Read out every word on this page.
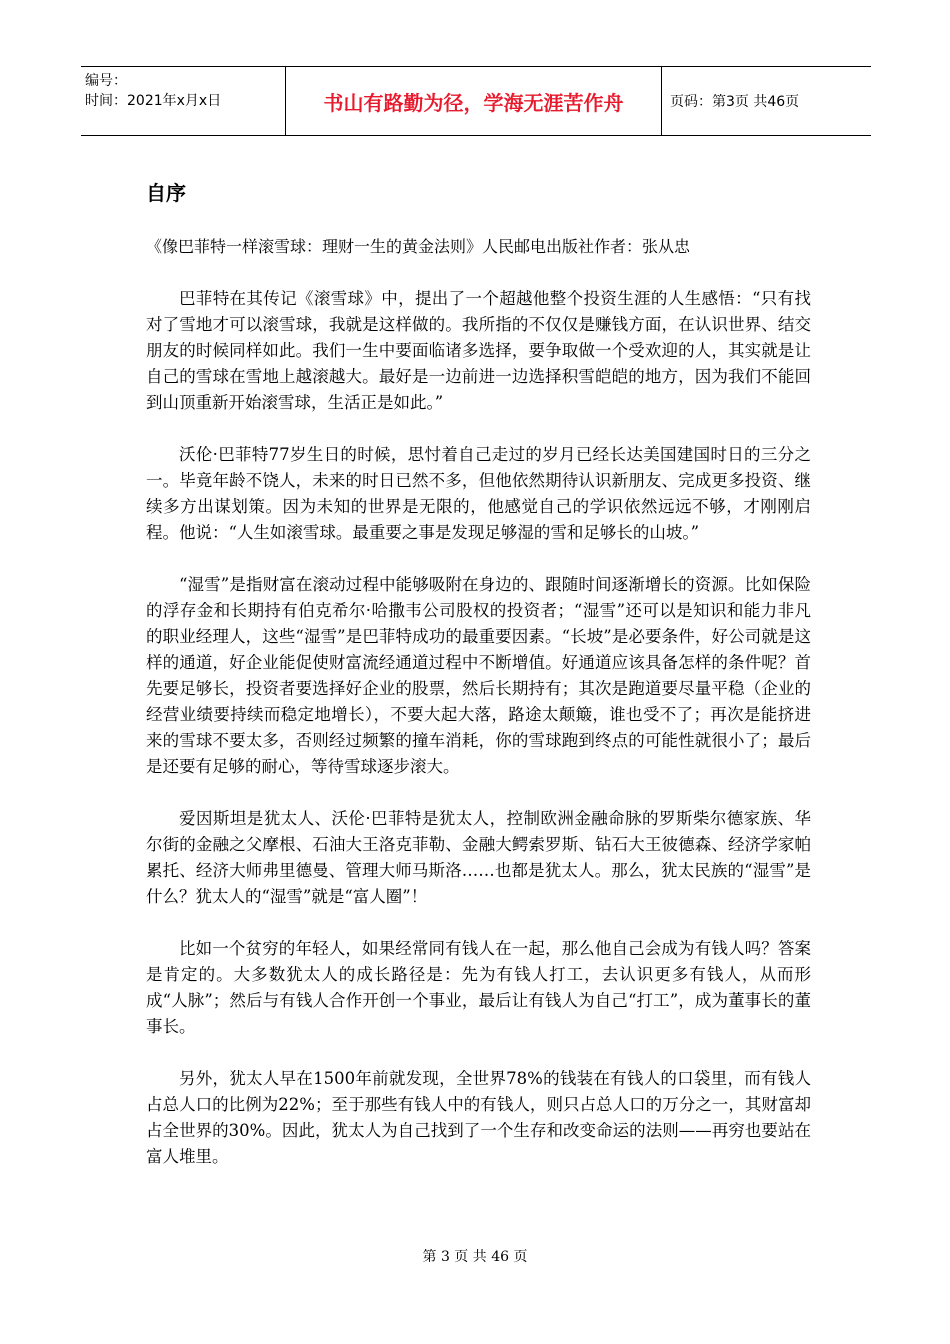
编号：
时间：2021年x月x日	书山有路勤为径，学海无涯苦作舟	页码：第3页 共46页
自序

《像巴菲特一样滚雪球：理财一生的黄金法则》人民邮电出版社作者：张从忠

巴菲特在其传记《滚雪球》中，提出了一个超越他整个投资生涯的人生感悟：“只有找对了雪地才可以滚雪球，我就是这样做的。我所指的不仅仅是赚钱方面，在认识世界、结交朋友的时候同样如此。我们一生中要面临诸多选择，要争取做一个受欢迎的人，其实就是让自己的雪球在雪地上越滚越大。最好是一边前进一边选择积雪皑皑的地方，因为我们不能回到山顶重新开始滚雪球，生活正是如此。”

沃伦·巴菲特77岁生日的时候，思忖着自己走过的岁月已经长达美国建国时日的三分之一。毕竟年龄不饶人，未来的时日已然不多，但他依然期待认识新朋友、完成更多投资、继续多方出谋划策。因为未知的世界是无限的，他感觉自己的学识依然远远不够，才刚刚启程。他说：“人生如滚雪球。最重要之事是发现足够湿的雪和足够长的山坡。”

“湿雪”是指财富在滚动过程中能够吸附在身边的、跟随时间逐渐增长的资源。比如保险的浮存金和长期持有伯克希尔·哈撒韦公司股权的投资者；“湿雪”还可以是知识和能力非凡的职业经理人，这些“湿雪”是巴菲特成功的最重要因素。“长坡”是必要条件，好公司就是这样的通道，好企业能促使财富流经通道过程中不断增值。好通道应该具备怎样的条件呢？首先要足够长，投资者要选择好企业的股票，然后长期持有；其次是跑道要尽量平稳（企业的经营业绩要持续而稳定地增长），不要大起大落，路途太颠簸，谁也受不了；再次是能挤进来的雪球不要太多，否则经过频繁的撞车消耗，你的雪球跑到终点的可能性就很小了；最后是还要有足够的耐心，等待雪球逐步滚大。

爱因斯坦是犹太人、沃伦·巴菲特是犹太人，控制欧洲金融命脉的罗斯柴尔德家族、华尔街的金融之父摩根、石油大王洛克菲勒、金融大鳄索罗斯、钻石大王彼德森、经济学家帕累托、经济大师弗里德曼、管理大师马斯洛……也都是犹太人。那么，犹太民族的“湿雪”是什么？犹太人的“湿雪”就是“富人圈”！

比如一个贫穷的年轻人，如果经常同有钱人在一起，那么他自己会成为有钱人吗？答案是肯定的。大多数犹太人的成长路径是：先为有钱人打工，去认识更多有钱人，从而形成“人脉”；然后与有钱人合作开创一个事业，最后让有钱人为自己“打工”，成为董事长的董事长。

另外，犹太人早在1500年前就发现，全世界78%的钱装在有钱人的口袋里，而有钱人占总人口的比例为22%；至于那些有钱人中的有钱人，则只占总人口的万分之一，其财富却占全世界的30%。因此，犹太人为自己找到了一个生存和改变命运的法则——再穷也要站在富人堆里。

第 3 页 共 46 页
